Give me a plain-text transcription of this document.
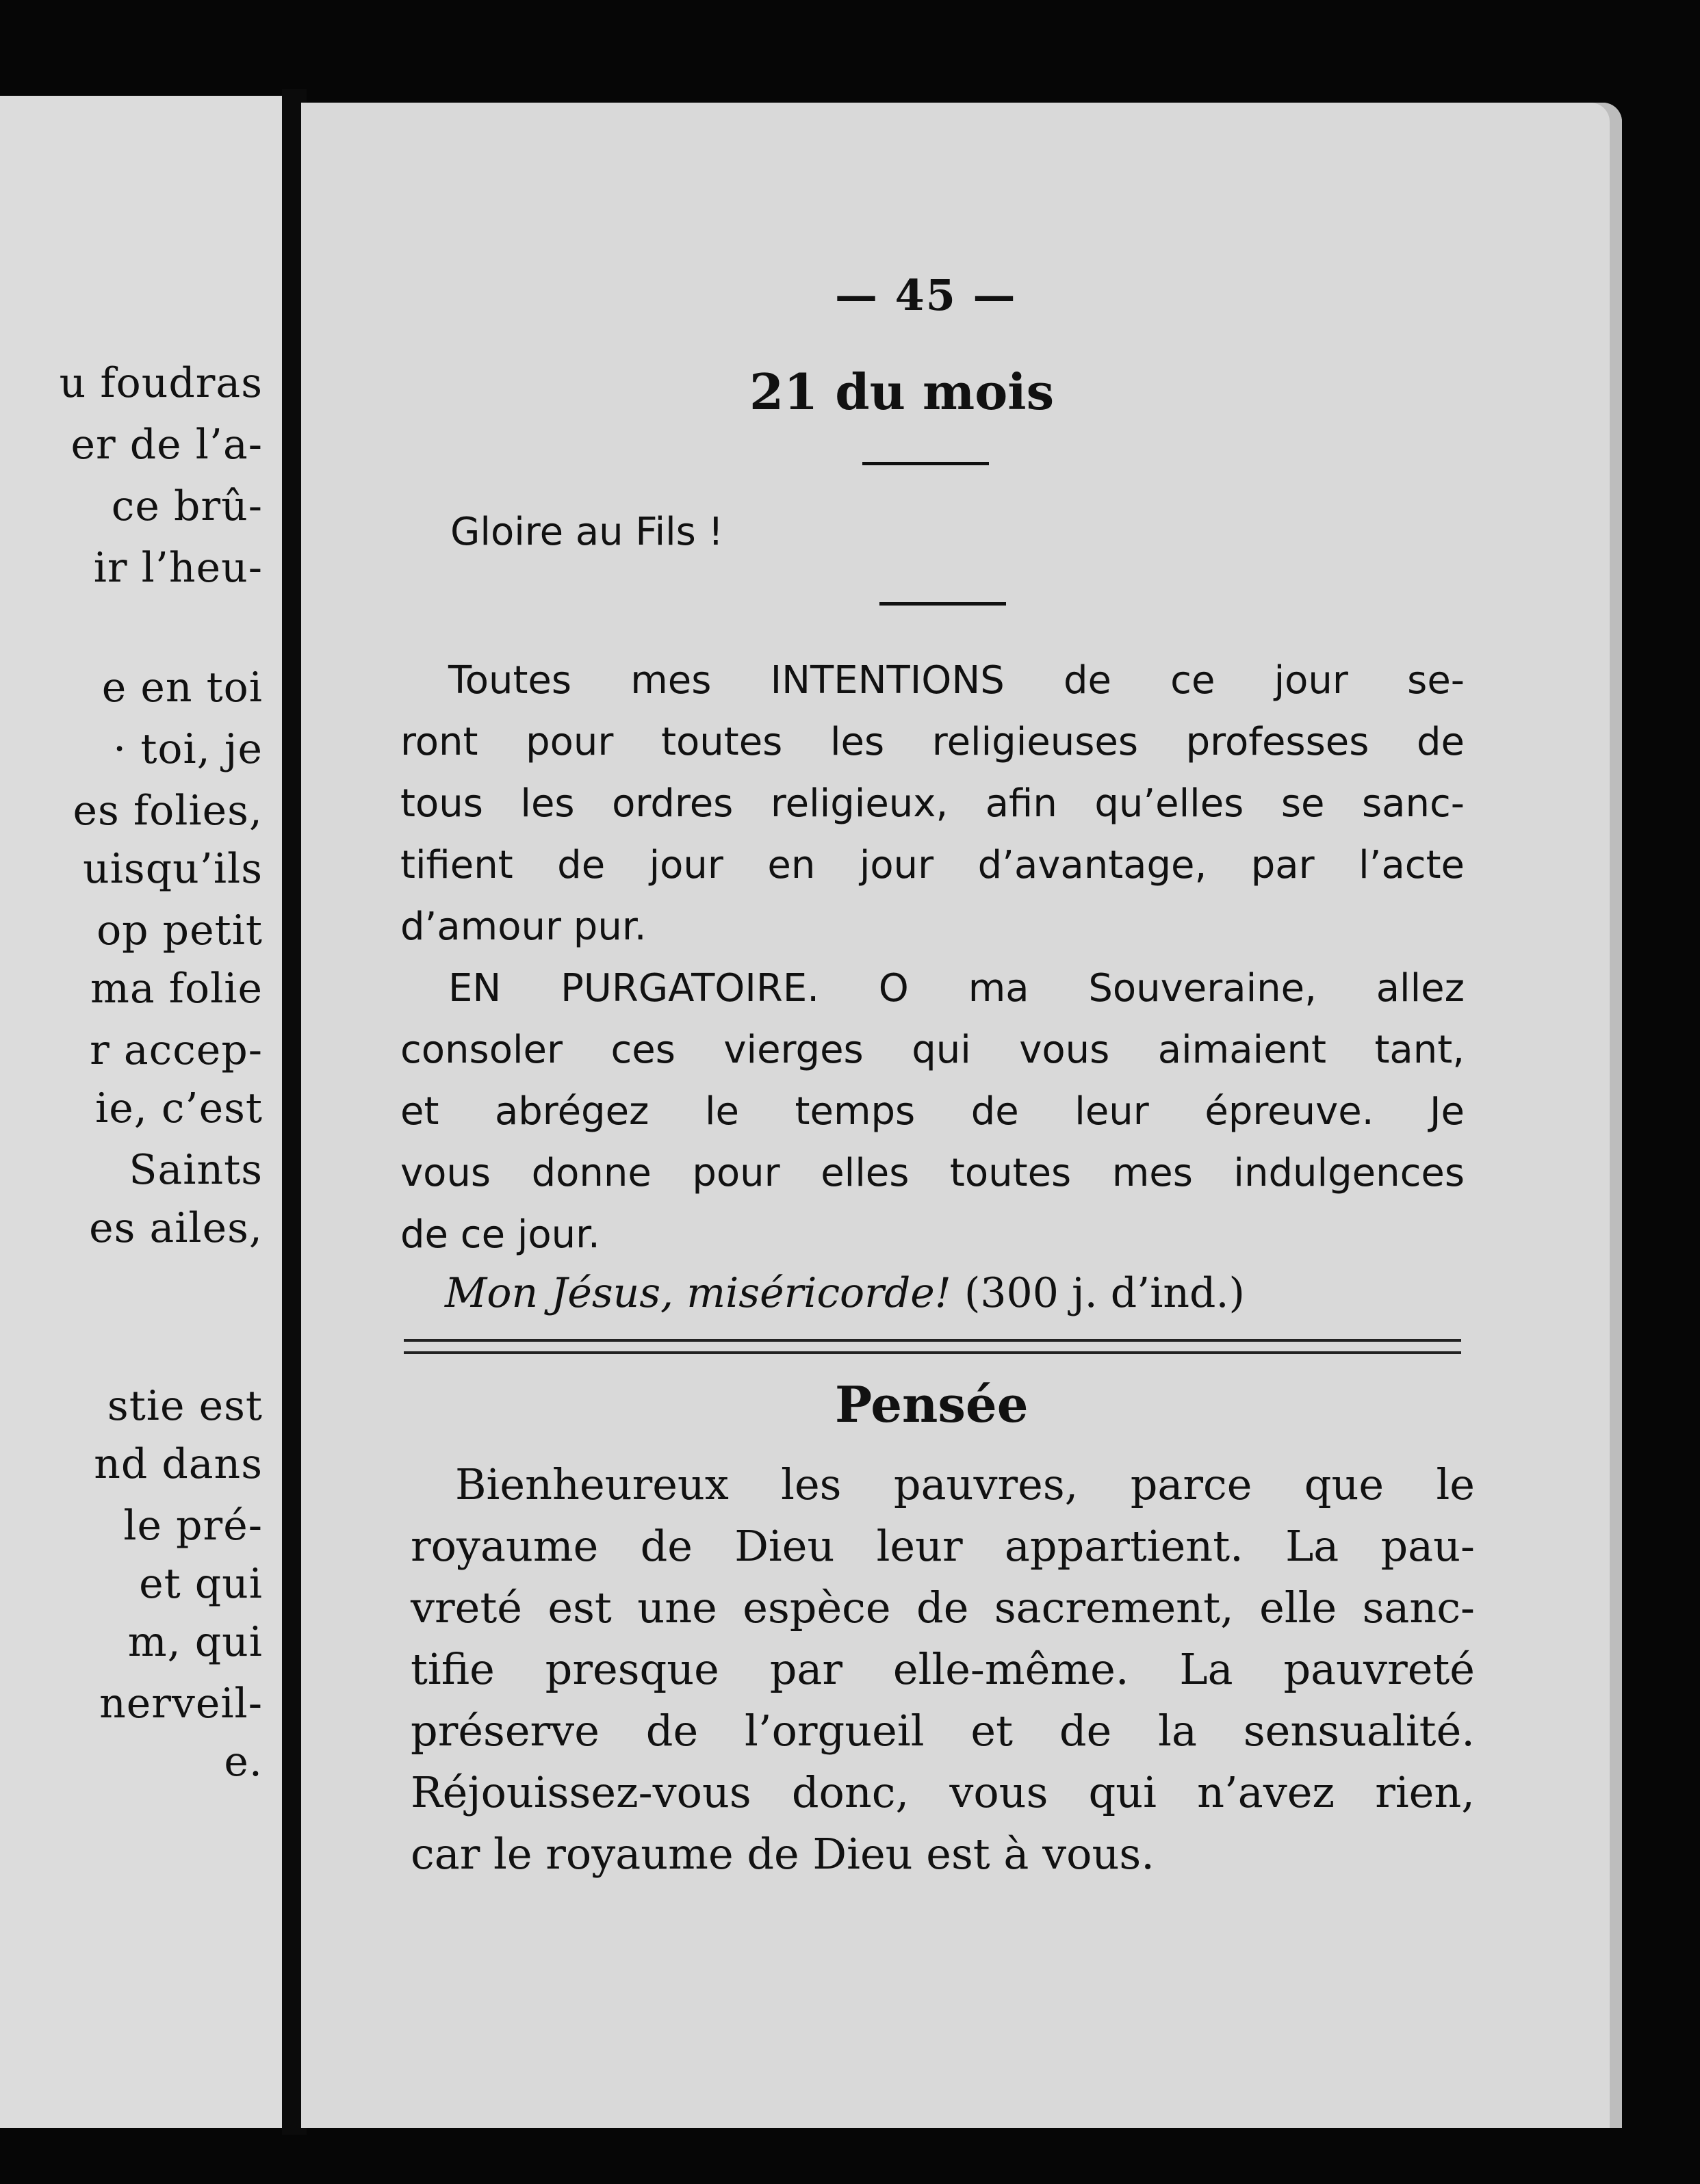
u foudras
er de l’a-
ce brû-
ir l’heu-
e en toi
· toi, je
es folies,
uisqu’ils
op petit
ma folie
r accep-
ie, c’est
Saints
es ailes,
stie est
nd dans
le pré-
et qui
m, qui
nerveil-
e.
— 45 —
21 du mois
Gloire au Fils !
Toutes mes INTENTIONS de ce jour se-
ront pour toutes les religieuses professes de
tous les ordres religieux, afin qu’elles se sanc-
tifient de jour en jour d’avantage, par l’acte
d’amour pur.
EN PURGATOIRE. O ma Souveraine, allez
consoler ces vierges qui vous aimaient tant,
et abrégez le temps de leur épreuve. Je
vous donne pour elles toutes mes indulgences
de ce jour.
Mon Jésus, miséricorde! (300 j. d’ind.)
Pensée
Bienheureux les pauvres, parce que le
royaume de Dieu leur appartient. La pau-
vreté est une espèce de sacrement, elle sanc-
tifie presque par elle-même. La pauvreté
préserve de l’orgueil et de la sensualité.
Réjouissez-vous donc, vous qui n’avez rien,
car le royaume de Dieu est à vous.
